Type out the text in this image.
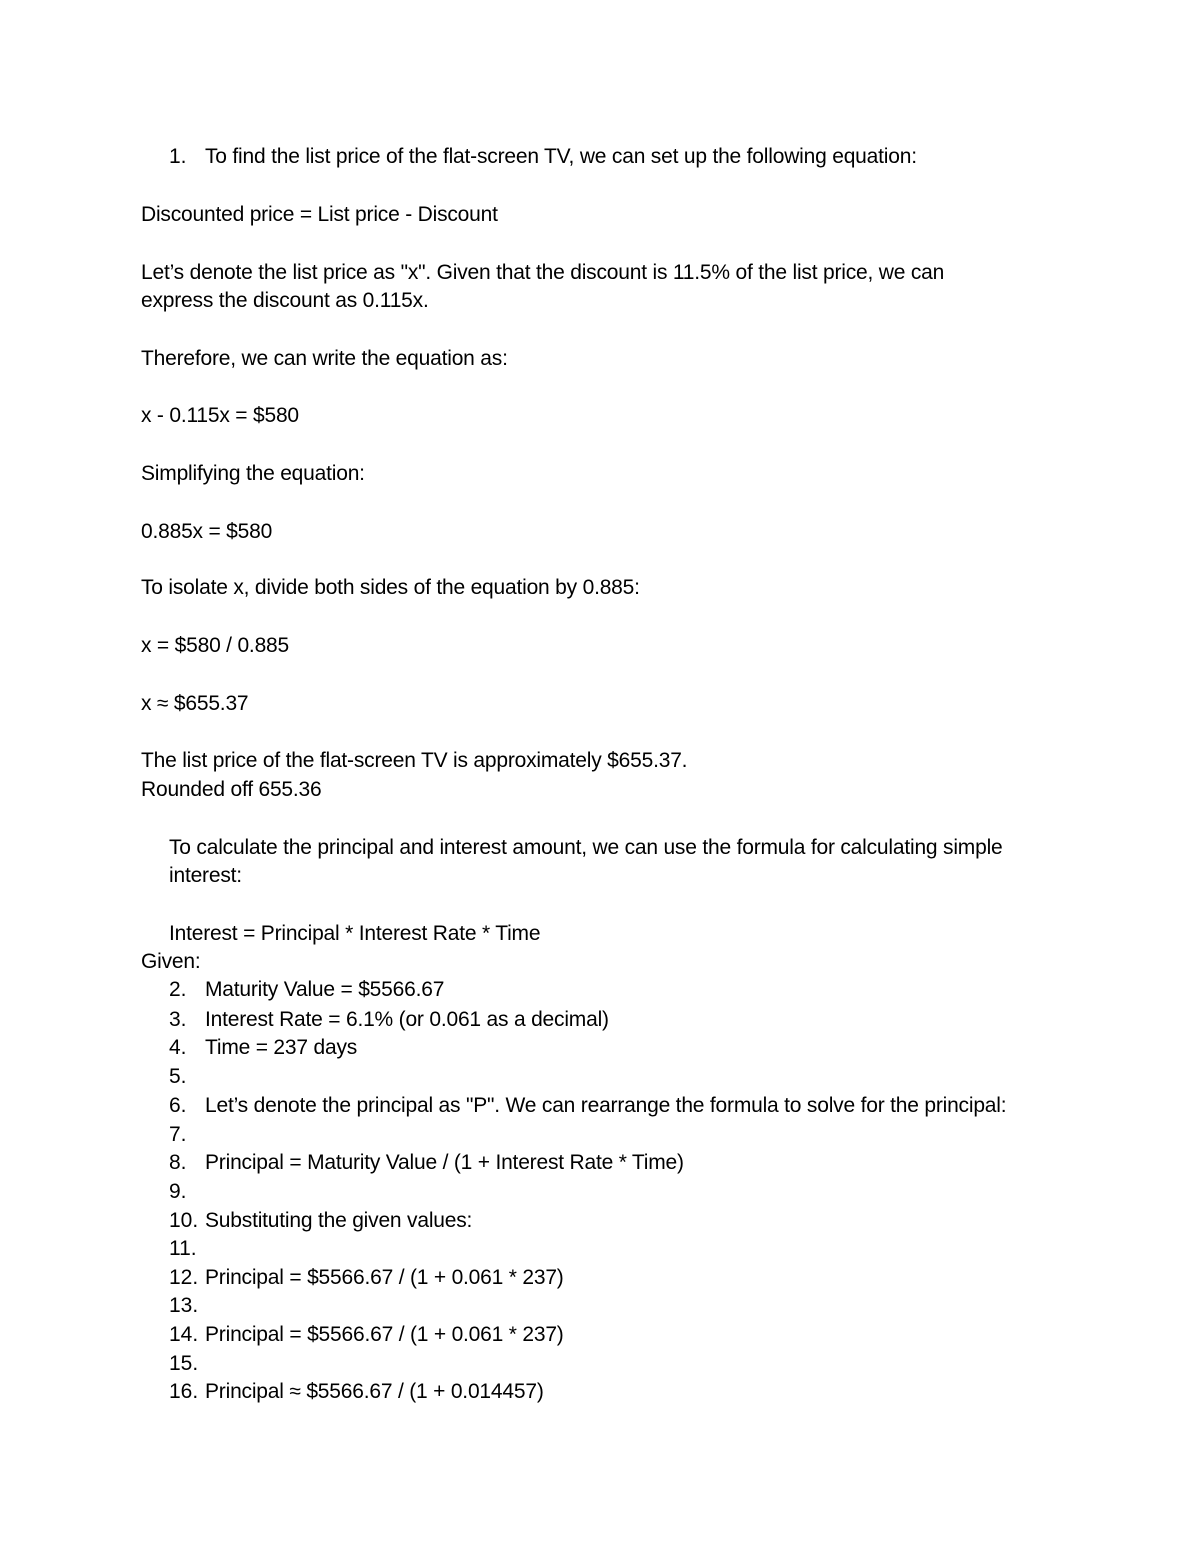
1. To find the list price of the flat-screen TV, we can set up the following equation:
Discounted price = List price - Discount
Let’s denote the list price as "x". Given that the discount is 11.5% of the list price, we can
express the discount as 0.115x.
Therefore, we can write the equation as:
x - 0.115x = $580
Simplifying the equation:
0.885x = $580
To isolate x, divide both sides of the equation by 0.885:
x = $580 / 0.885
x ≈ $655.37
The list price of the flat-screen TV is approximately $655.37.
Rounded off 655.36
To calculate the principal and interest amount, we can use the formula for calculating simple
interest:
Interest = Principal * Interest Rate * Time
Given:
2. Maturity Value = $5566.67
3. Interest Rate = 6.1% (or 0.061 as a decimal)
4. Time = 237 days
5.
6. Let’s denote the principal as "P". We can rearrange the formula to solve for the principal:
7.
8. Principal = Maturity Value / (1 + Interest Rate * Time)
9.
10. Substituting the given values:
11.
12. Principal = $5566.67 / (1 + 0.061 * 237)
13.
14. Principal = $5566.67 / (1 + 0.061 * 237)
15.
16. Principal ≈ $5566.67 / (1 + 0.014457)
